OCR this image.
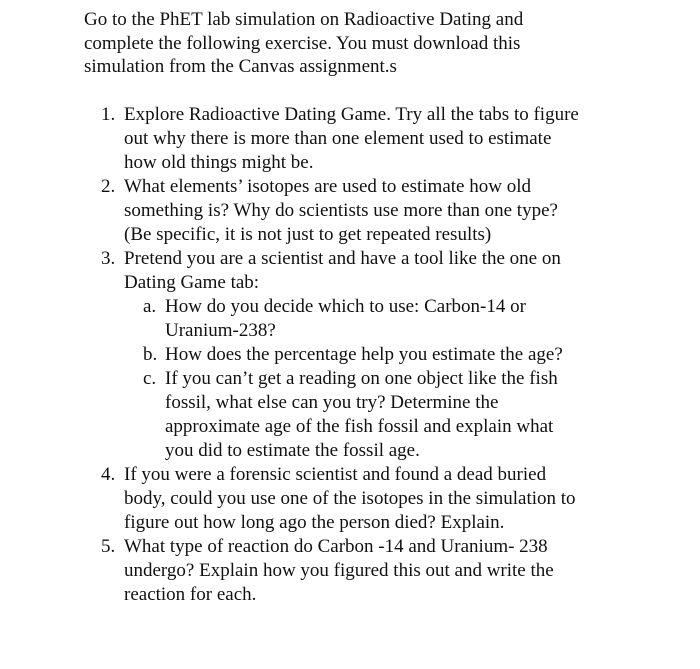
Go to the PhET lab simulation on Radioactive Dating and
complete the following exercise. You must download this
simulation from the Canvas assignment.s

1. Explore Radioactive Dating Game. Try all the tabs to figure
out why there is more than one element used to estimate
how old things might be.
2. What elements’ isotopes are used to estimate how old
something is? Why do scientists use more than one type?
(Be specific, it is not just to get repeated results)
3. Pretend you are a scientist and have a tool like the one on
Dating Game tab:
a. How do you decide which to use: Carbon-14 or
Uranium-238?
b. How does the percentage help you estimate the age?
c. If you can’t get a reading on one object like the fish
fossil, what else can you try? Determine the
approximate age of the fish fossil and explain what
you did to estimate the fossil age.
4. If you were a forensic scientist and found a dead buried
body, could you use one of the isotopes in the simulation to
figure out how long ago the person died? Explain.
5. What type of reaction do Carbon -14 and Uranium- 238
undergo? Explain how you figured this out and write the
reaction for each.
